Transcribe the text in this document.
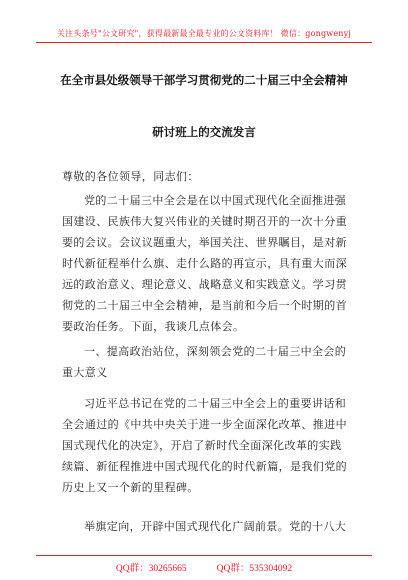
关注头条号"公文研究"，获得最新最全最专业的公文资料库！ 微信：gongwenyj
在全市县处级领导干部学习贯彻党的二十届三中全会精神
研讨班上的交流发言
尊敬的各位领导，同志们：
党的二十届三中全会是在以中国式现代化全面推进强
国建设、民族伟大复兴伟业的关键时期召开的一次十分重
要的会议。会议议题重大，举国关注、世界瞩目，是对新
时代新征程举什么旗、走什么路的再宣示，具有重大而深
远的政治意义、理论意义、战略意义和实践意义。学习贯
彻党的二十届三中全会精神，是当前和今后一个时期的首
要政治任务。下面，我谈几点体会。
一、提高政治站位，深刻领会党的二十届三中全会的
重大意义
习近平总书记在党的二十届三中全会上的重要讲话和
全会通过的《中共中央关于进一步全面深化改革、推进中
国式现代化的决定》，开启了新时代全面深化改革的实践
续篇、新征程推进中国式现代化的时代新篇，是我们党的
历史上又一个新的里程碑。
举旗定向，开辟中国式现代化广阔前景。党的十八大
QQ群：30265665	QQ群：535304092
